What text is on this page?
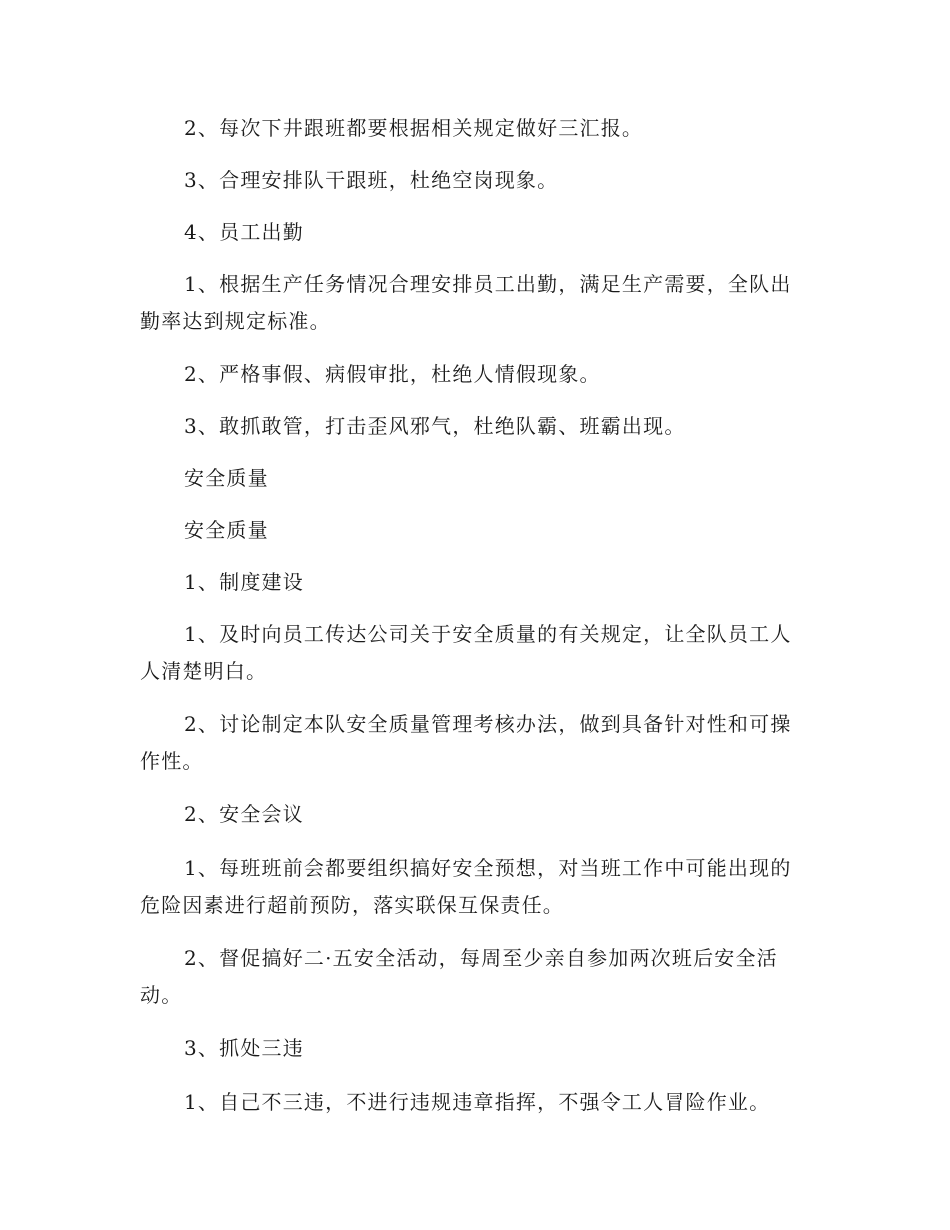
2、每次下井跟班都要根据相关规定做好三汇报。

3、合理安排队干跟班，杜绝空岗现象。

4、员工出勤

1、根据生产任务情况合理安排员工出勤，满足生产需要，全队出勤率达到规定标准。

2、严格事假、病假审批，杜绝人情假现象。

3、敢抓敢管，打击歪风邪气，杜绝队霸、班霸出现。

安全质量

安全质量

1、制度建设

1、及时向员工传达公司关于安全质量的有关规定，让全队员工人人清楚明白。

2、讨论制定本队安全质量管理考核办法，做到具备针对性和可操作性。

2、安全会议

1、每班班前会都要组织搞好安全预想，对当班工作中可能出现的危险因素进行超前预防，落实联保互保责任。

2、督促搞好二·五安全活动，每周至少亲自参加两次班后安全活动。

3、抓处三违

1、自己不三违，不进行违规违章指挥，不强令工人冒险作业。
